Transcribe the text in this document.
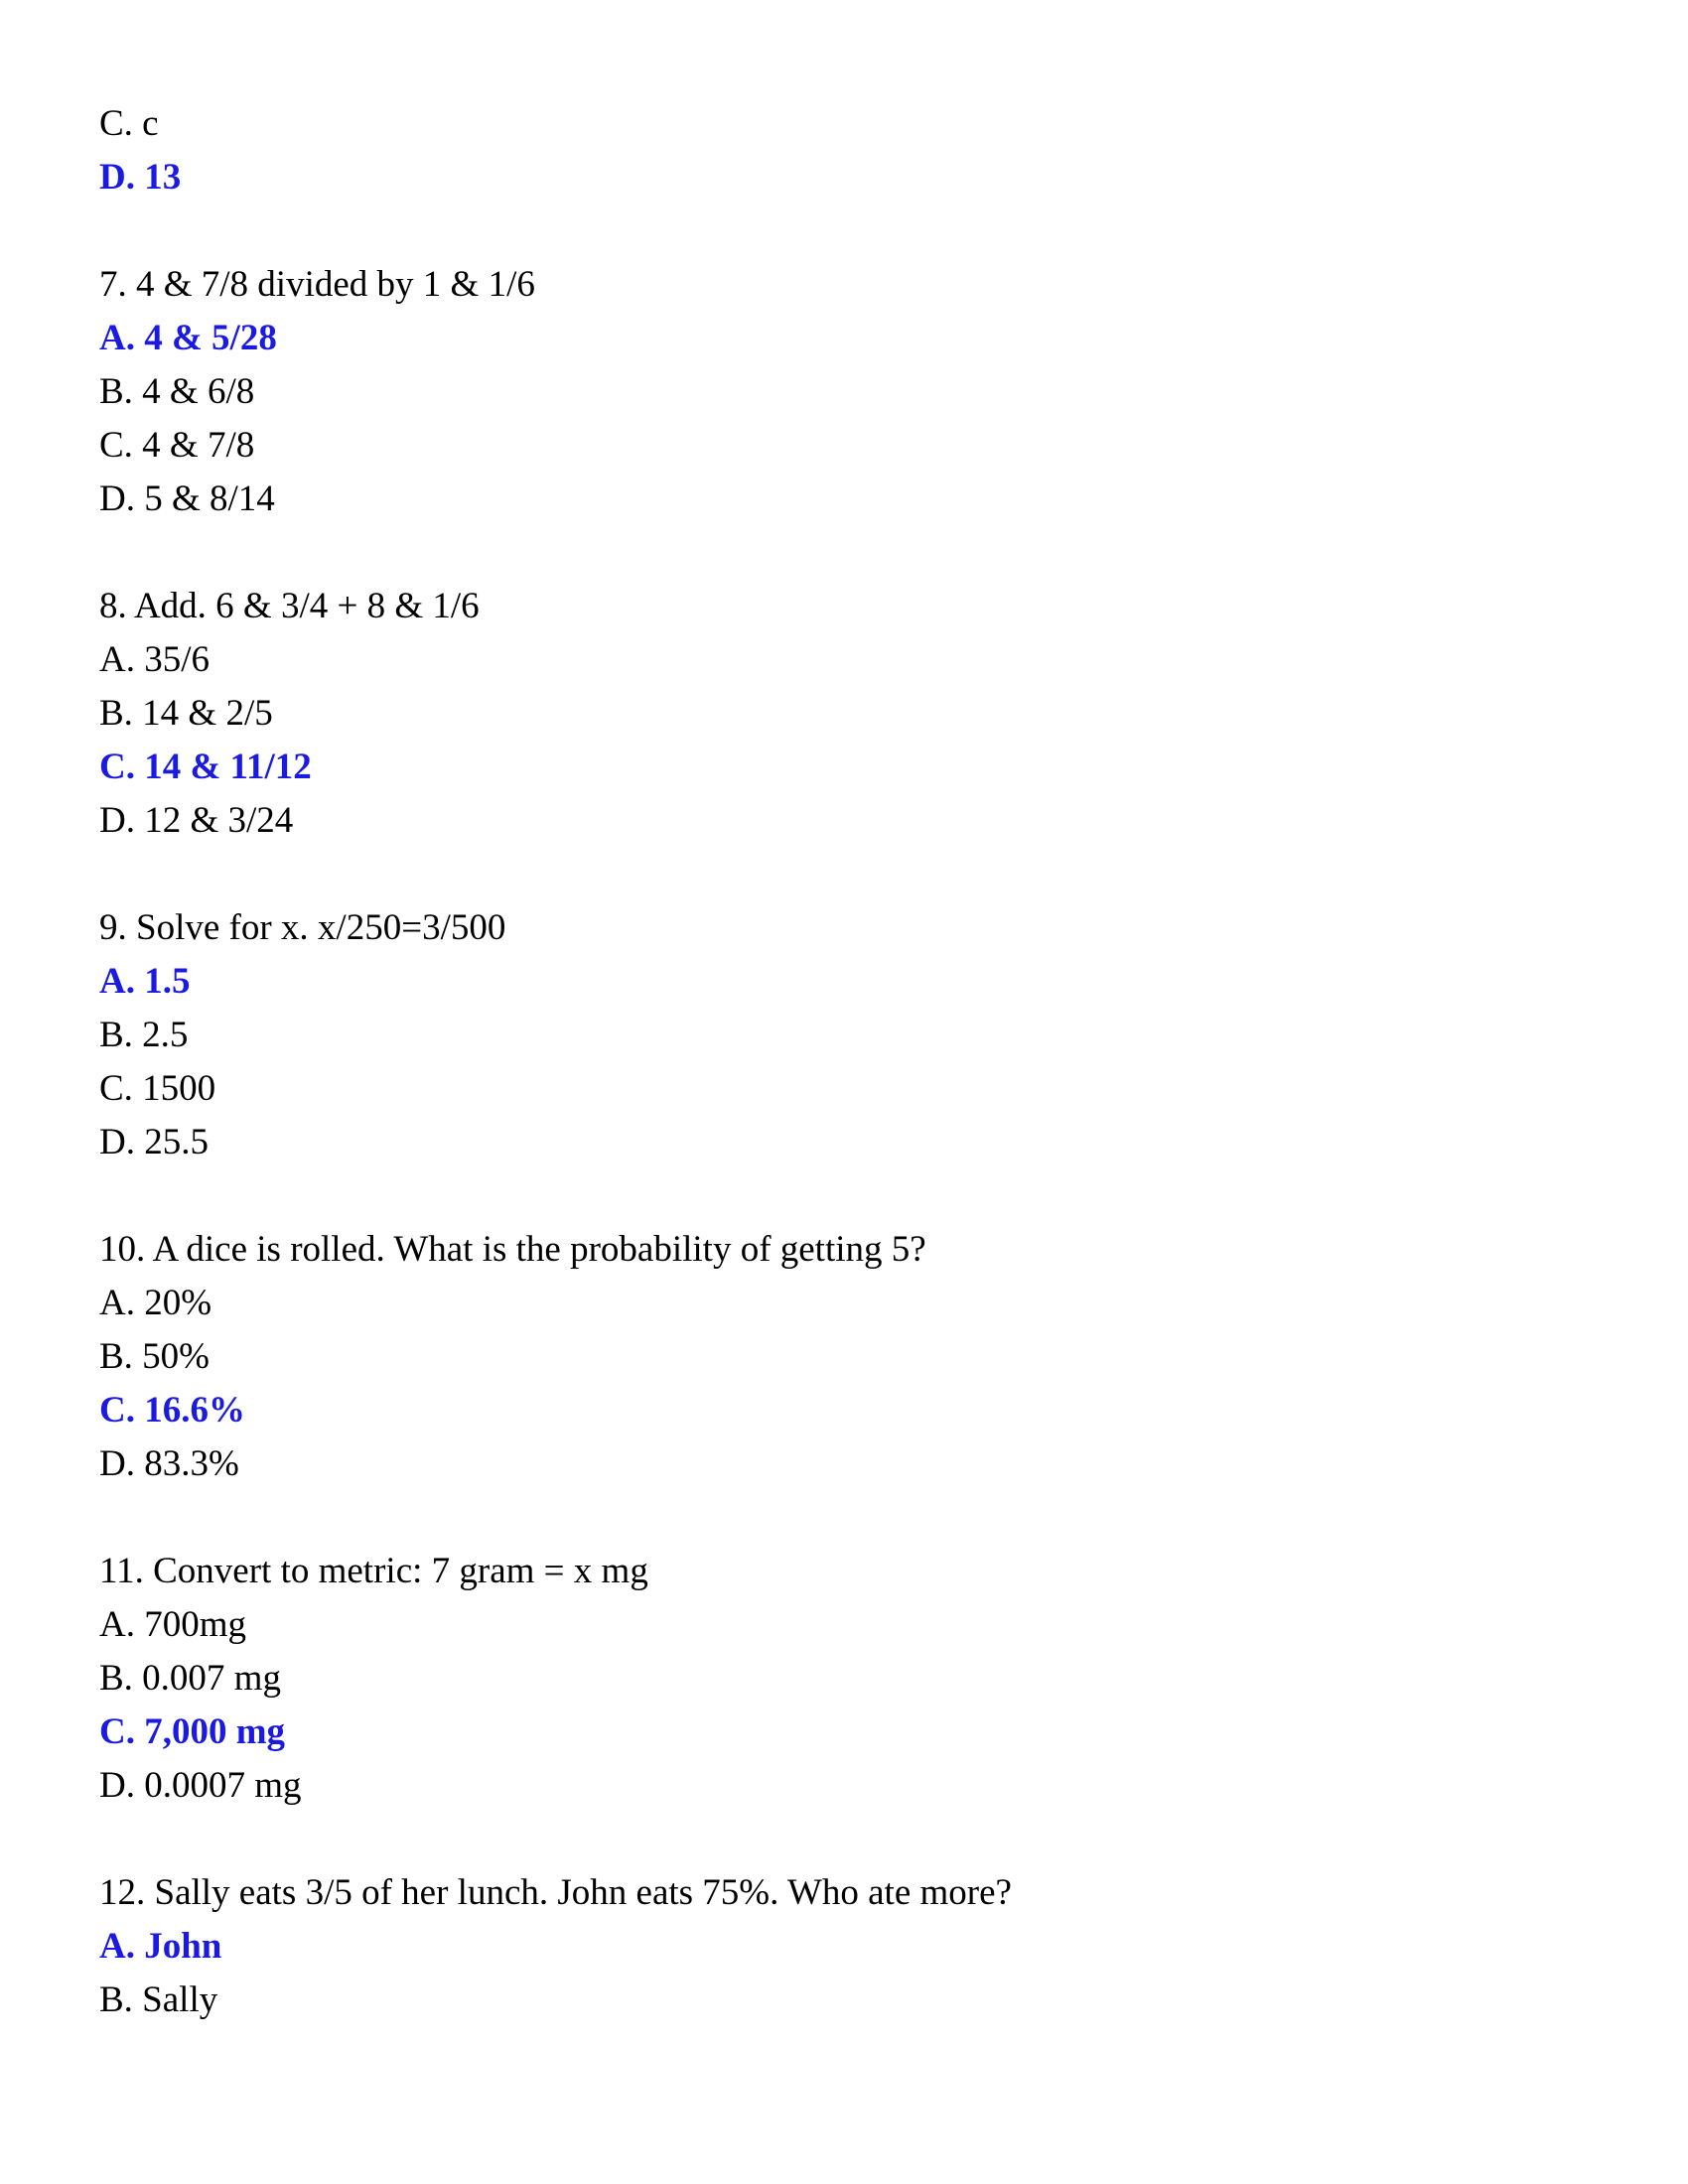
C. c
D. 13
7. 4 & 7/8 divided by 1 & 1/6
A. 4 & 5/28
B. 4 & 6/8
C. 4 & 7/8
D. 5 & 8/14
8. Add. 6 & 3/4 + 8 & 1/6
A. 35/6
B. 14 & 2/5
C. 14 & 11/12
D. 12 & 3/24
9. Solve for x. x/250=3/500
A. 1.5
B. 2.5
C. 1500
D. 25.5
10. A dice is rolled. What is the probability of getting 5?
A. 20%
B. 50%
C. 16.6%
D. 83.3%
11. Convert to metric: 7 gram = x mg
A. 700mg
B. 0.007 mg
C. 7,000 mg
D. 0.0007 mg
12. Sally eats 3/5 of her lunch. John eats 75%. Who ate more?
A. John
B. Sally
